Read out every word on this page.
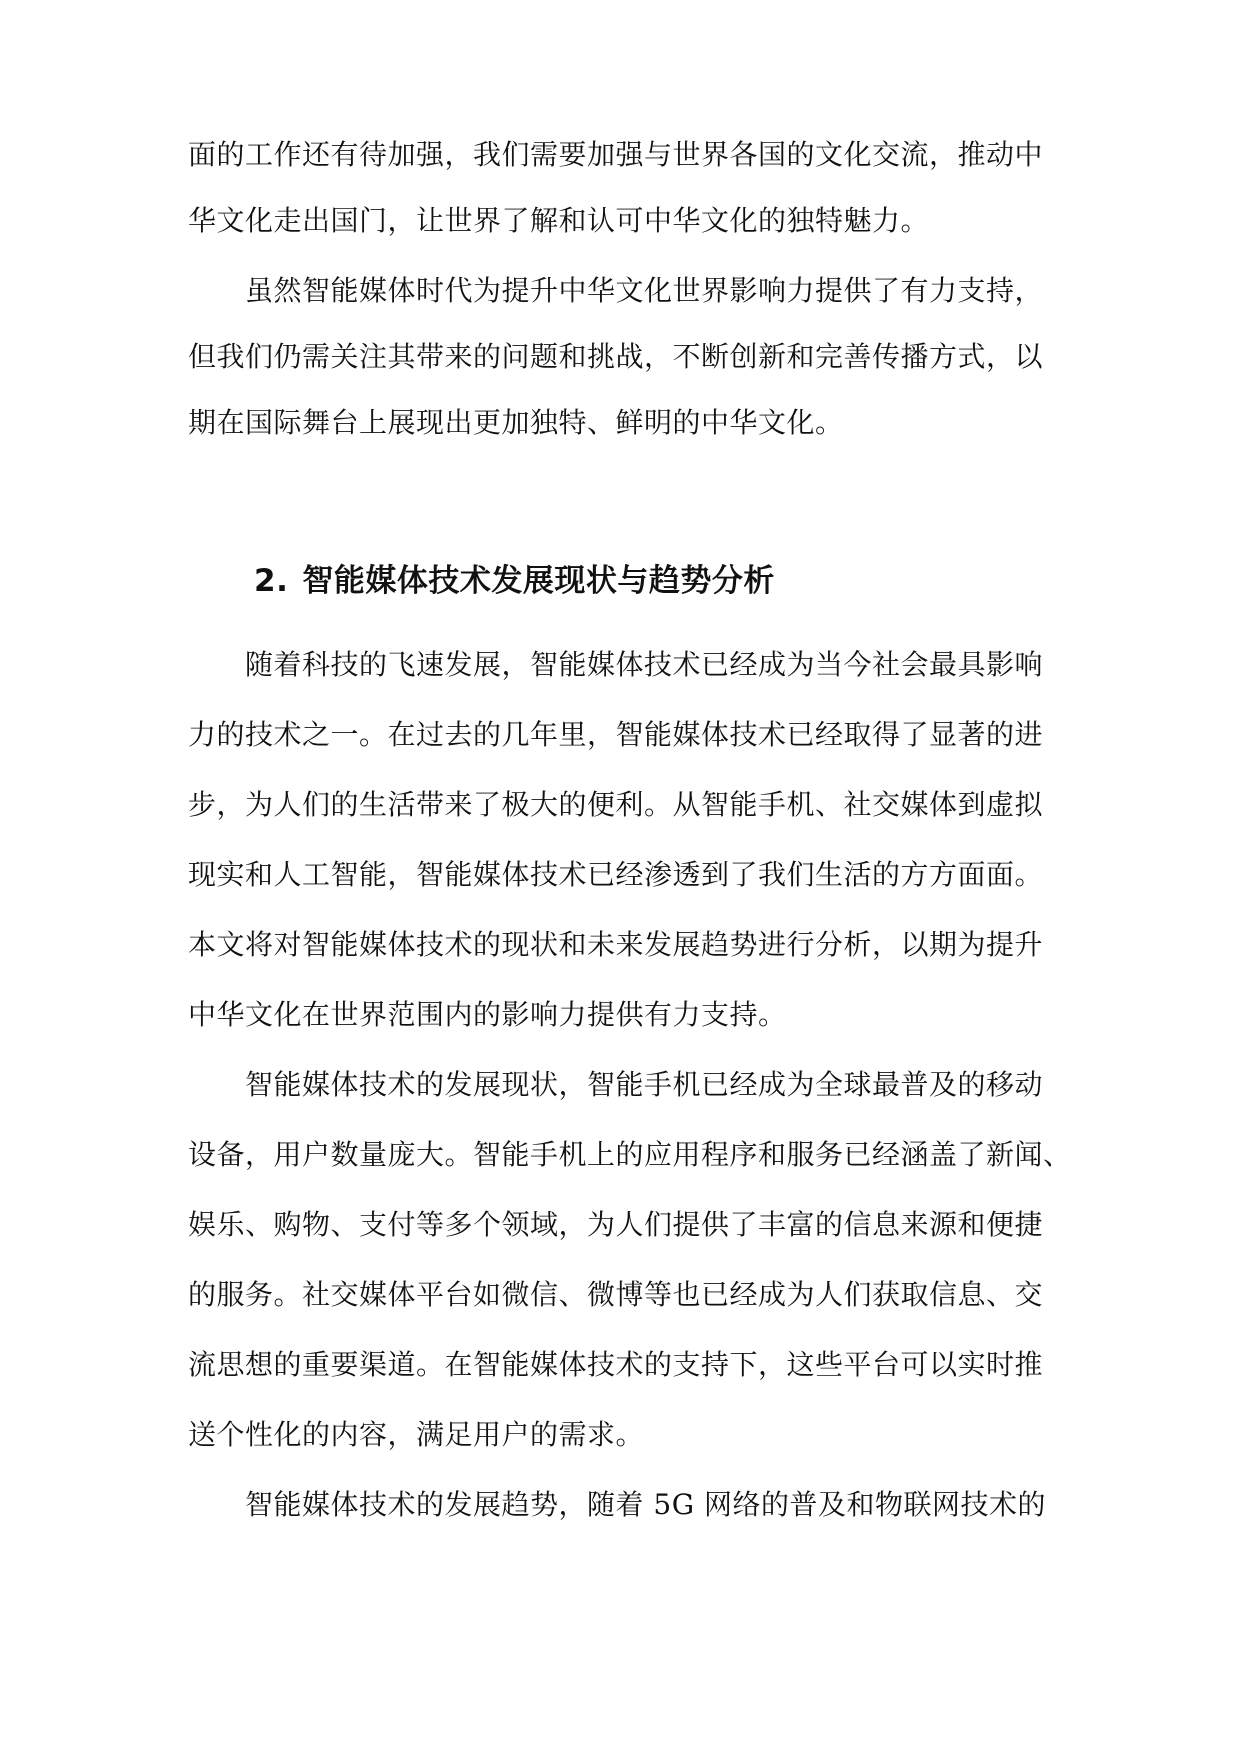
面的工作还有待加强，我们需要加强与世界各国的文化交流，推动中
华文化走出国门，让世界了解和认可中华文化的独特魅力。
　　虽然智能媒体时代为提升中华文化世界影响力提供了有力支持，
但我们仍需关注其带来的问题和挑战，不断创新和完善传播方式，以
期在国际舞台上展现出更加独特、鲜明的中华文化。
2. 智能媒体技术发展现状与趋势分析
　　随着科技的飞速发展，智能媒体技术已经成为当今社会最具影响
力的技术之一。在过去的几年里，智能媒体技术已经取得了显著的进
步，为人们的生活带来了极大的便利。从智能手机、社交媒体到虚拟
现实和人工智能，智能媒体技术已经渗透到了我们生活的方方面面。
本文将对智能媒体技术的现状和未来发展趋势进行分析，以期为提升
中华文化在世界范围内的影响力提供有力支持。
　　智能媒体技术的发展现状，智能手机已经成为全球最普及的移动
设备，用户数量庞大。智能手机上的应用程序和服务已经涵盖了新闻、
娱乐、购物、支付等多个领域，为人们提供了丰富的信息来源和便捷
的服务。社交媒体平台如微信、微博等也已经成为人们获取信息、交
流思想的重要渠道。在智能媒体技术的支持下，这些平台可以实时推
送个性化的内容，满足用户的需求。
　　智能媒体技术的发展趋势，随着 5G 网络的普及和物联网技术的
